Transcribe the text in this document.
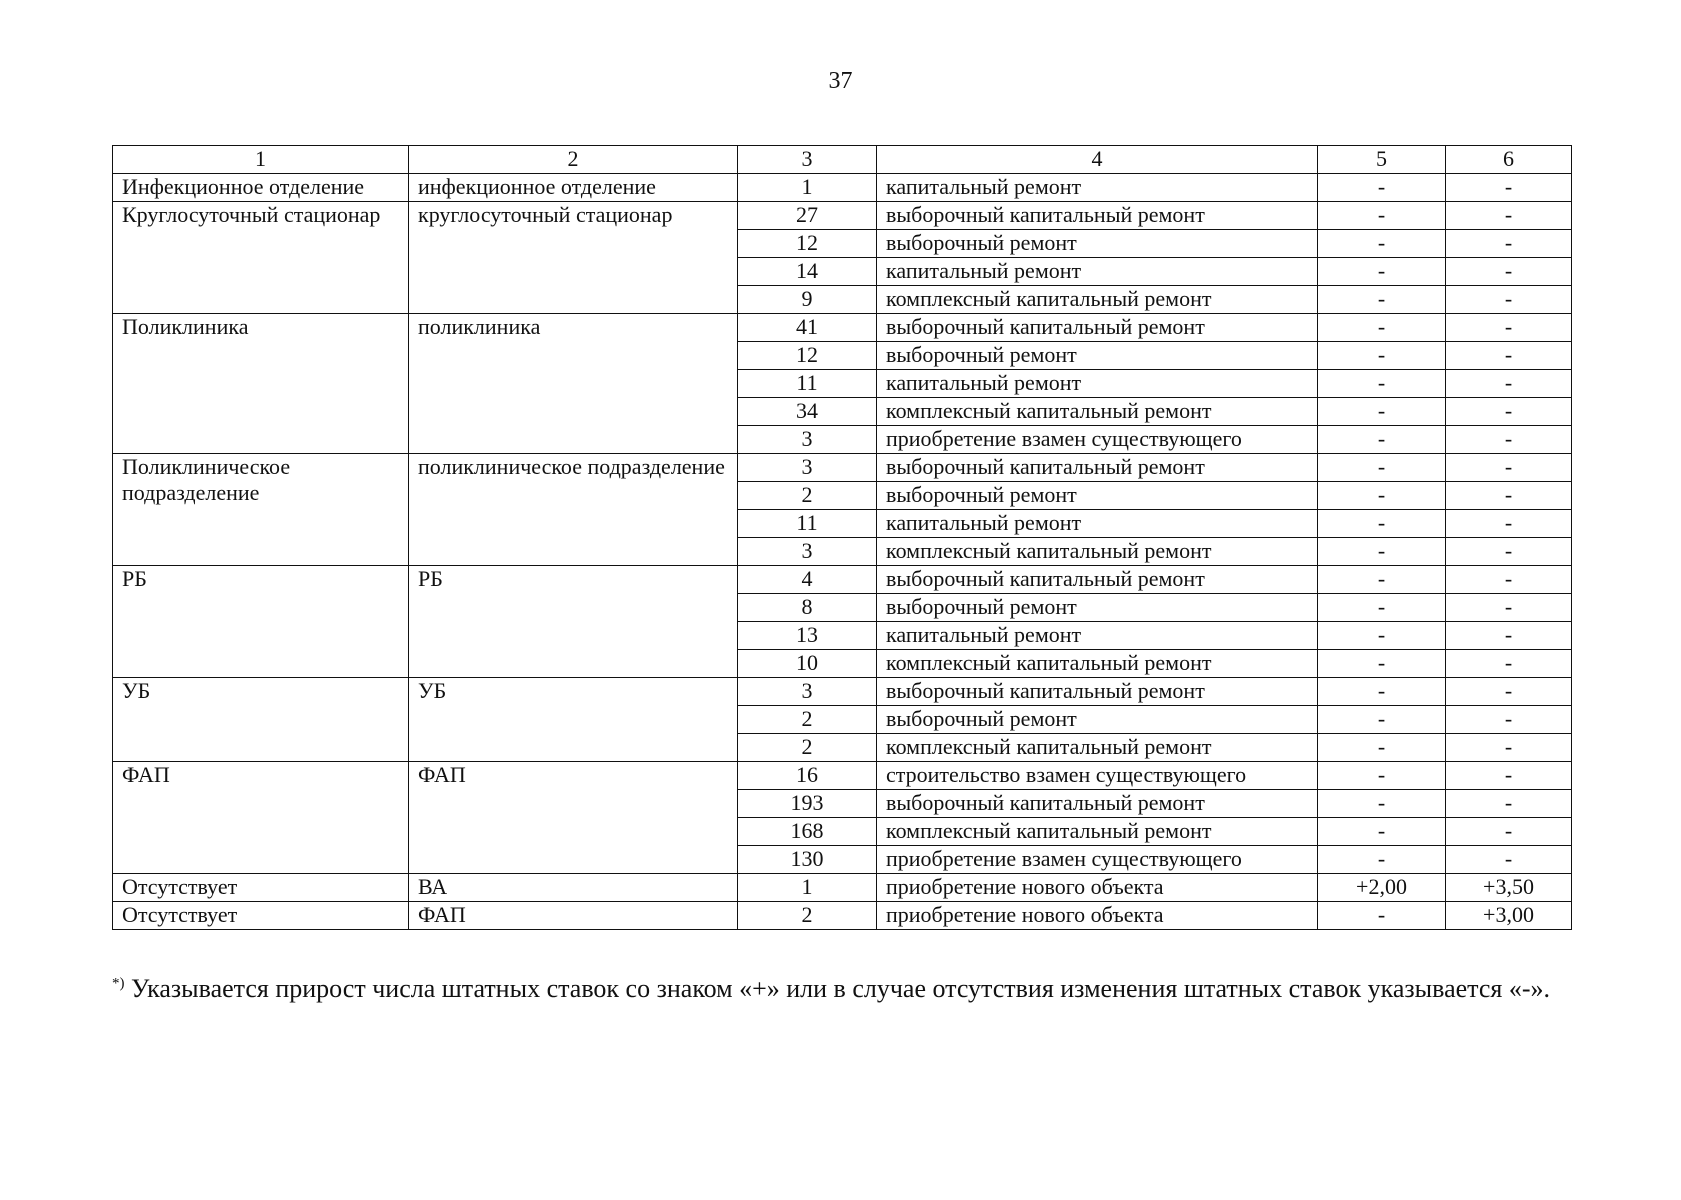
37
1	2	3	4	5	6
Инфекционное отделение	инфекционное отделение	1	капитальный ремонт	-	-
Круглосуточный стационар	круглосуточный стационар	27	выборочный капитальный ремонт	-	-
		12	выборочный ремонт	-	-
		14	капитальный ремонт	-	-
		9	комплексный капитальный ремонт	-	-
Поликлиника	поликлиника	41	выборочный капитальный ремонт	-	-
		12	выборочный ремонт	-	-
		11	капитальный ремонт	-	-
		34	комплексный капитальный ремонт	-	-
		3	приобретение взамен существующего	-	-
Поликлиническое подразделение	поликлиническое подразделение	3	выборочный капитальный ремонт	-	-
		2	выборочный ремонт	-	-
		11	капитальный ремонт	-	-
		3	комплексный капитальный ремонт	-	-
РБ	РБ	4	выборочный капитальный ремонт	-	-
		8	выборочный ремонт	-	-
		13	капитальный ремонт	-	-
		10	комплексный капитальный ремонт	-	-
УБ	УБ	3	выборочный капитальный ремонт	-	-
		2	выборочный ремонт	-	-
		2	комплексный капитальный ремонт	-	-
ФАП	ФАП	16	строительство взамен существующего	-	-
		193	выборочный капитальный ремонт	-	-
		168	комплексный капитальный ремонт	-	-
		130	приобретение взамен существующего	-	-
Отсутствует	ВА	1	приобретение нового объекта	+2,00	+3,50
Отсутствует	ФАП	2	приобретение нового объекта	-	+3,00
*) Указывается прирост числа штатных ставок со знаком «+» или в случае отсутствия изменения штатных ставок указывается «-».
